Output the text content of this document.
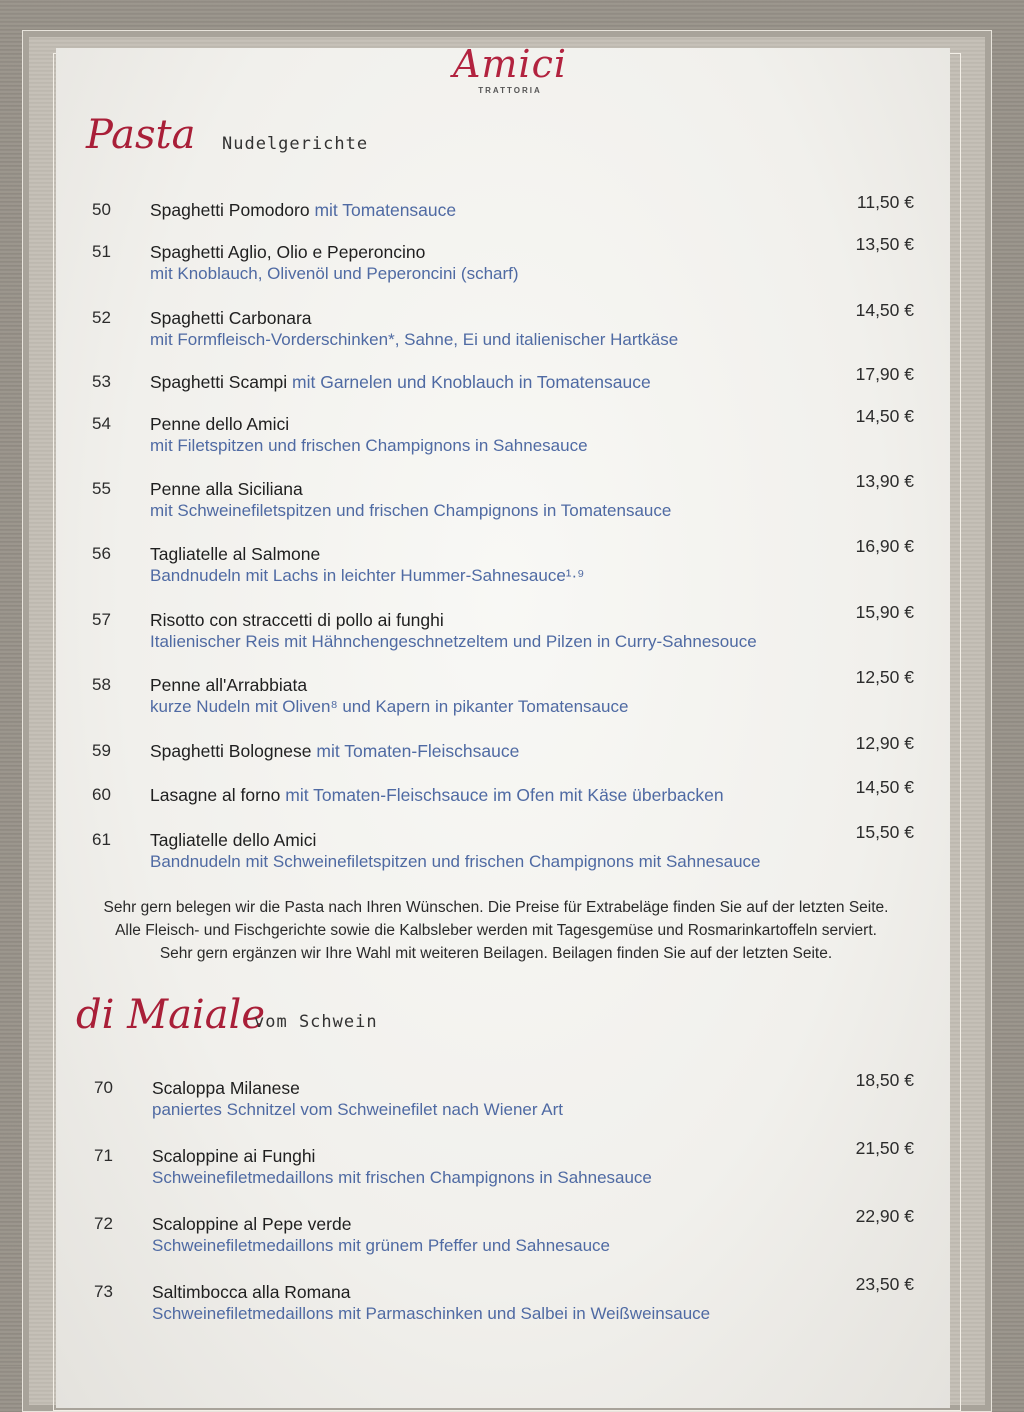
Amici
TRATTORIA
Pasta Nudelgerichte
50 Spaghetti Pomodoro mit Tomatensauce	11,50 €
51 Spaghetti Aglio, Olio e Peperoncino
mit Knoblauch, Olivenöl und Peperoncini (scharf)
13,50 €
52 Spaghetti Carbonara
mit Formfleisch-Vorderschinken*, Sahne, Ei und italienischer Hartkäse
14,50 €
53 Spaghetti Scampi mit Garnelen und Knoblauch in Tomatensauce	17,90 €
54 Penne dello Amici
mit Filetspitzen und frischen Champignons in Sahnesauce
14,50 €
55 Penne alla Siciliana
mit Schweinefiletspitzen und frischen Champignons in Tomatensauce
13,90 €
56 Tagliatelle al Salmone
Bandnudeln mit Lachs in leichter Hummer-Sahnesauce¹·⁹
16,90 €
57 Risotto con straccetti di pollo ai funghi
Italienischer Reis mit Hähnchengeschnetzeltem und Pilzen in Curry-Sahnesouce
15,90 €
58 Penne all'Arrabbiata
kurze Nudeln mit Oliven⁸ und Kapern in pikanter Tomatensauce
12,50 €
59 Spaghetti Bolognese mit Tomaten-Fleischsauce	12,90 €
60 Lasagne al forno mit Tomaten-Fleischsauce im Ofen mit Käse überbacken	14,50 €
61 Tagliatelle dello Amici
Bandnudeln mit Schweinefiletspitzen und frischen Champignons mit Sahnesauce
15,50 €
Sehr gern belegen wir die Pasta nach Ihren Wünschen. Die Preise für Extrabeläge finden Sie auf der letzten Seite.
Alle Fleisch- und Fischgerichte sowie die Kalbsleber werden mit Tagesgemüse und Rosmarinkartoffeln serviert.
Sehr gern ergänzen wir Ihre Wahl mit weiteren Beilagen. Beilagen finden Sie auf der letzten Seite.
di Maiale
vom Schwein
70 Scaloppa Milanese
paniertes Schnitzel vom Schweinefilet nach Wiener Art
18,50 €
71 Scaloppine ai Funghi
Schweinefiletmedaillons mit frischen Champignons in Sahnesauce
21,50 €
72 Scaloppine al Pepe verde
Schweinefiletmedaillons mit grünem Pfeffer und Sahnesauce
22,90 €
73 Saltimbocca alla Romana
Schweinefiletmedaillons mit Parmaschinken und Salbei in Weißweinsauce
23,50 €
